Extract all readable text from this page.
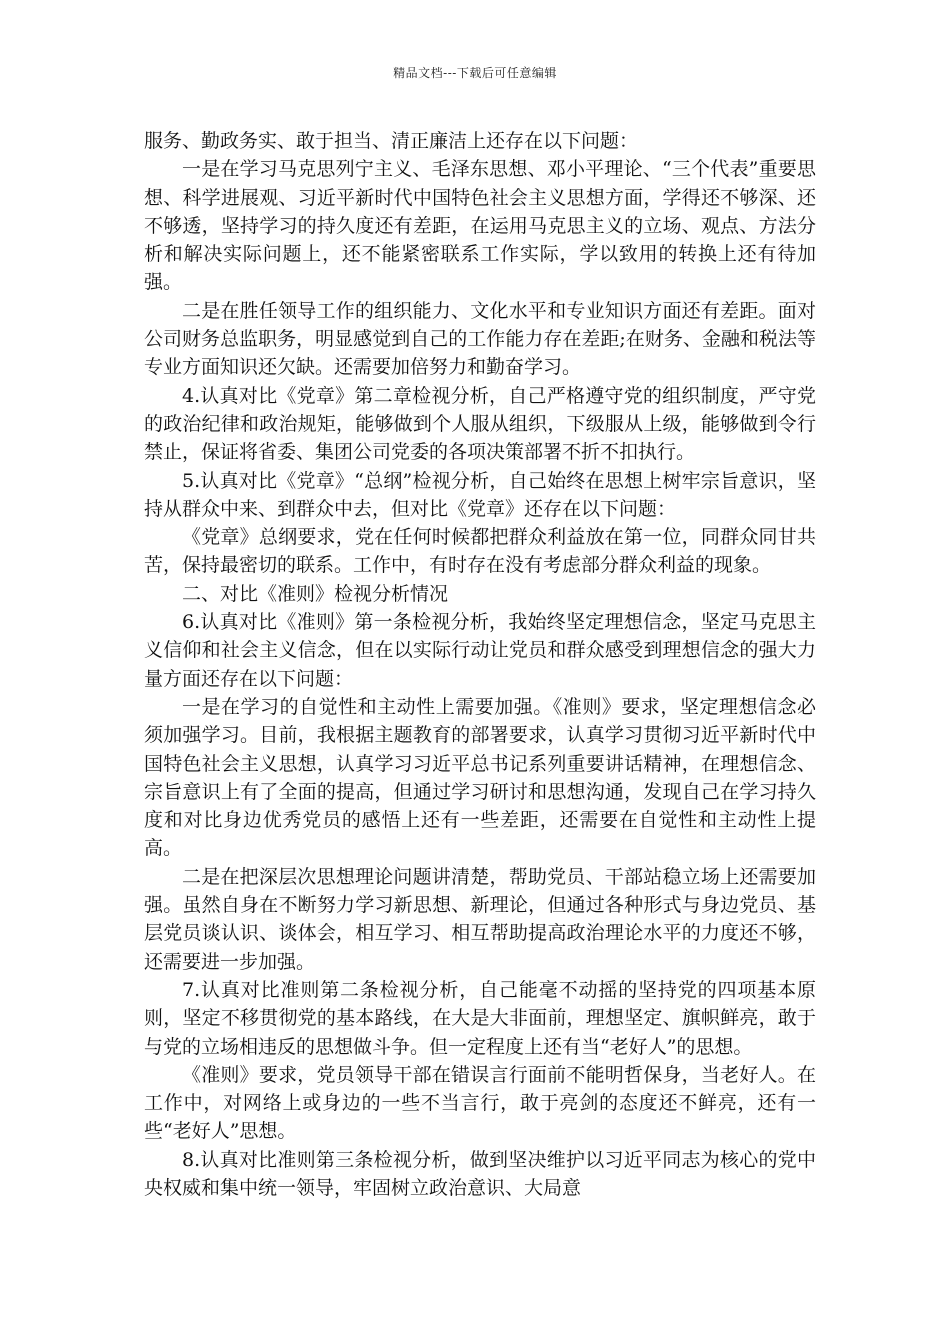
精品文档---下载后可任意编辑

服务、勤政务实、敢于担当、清正廉洁上还存在以下问题：

一是在学习马克思列宁主义、毛泽东思想、邓小平理论、“三个代表”重要思想、科学进展观、习近平新时代中国特色社会主义思想方面，学得还不够深、还不够透，坚持学习的持久度还有差距，在运用马克思主义的立场、观点、方法分析和解决实际问题上，还不能紧密联系工作实际，学以致用的转换上还有待加强。

二是在胜任领导工作的组织能力、文化水平和专业知识方面还有差距。面对公司财务总监职务，明显感觉到自己的工作能力存在差距;在财务、金融和税法等专业方面知识还欠缺。还需要加倍努力和勤奋学习。

4.认真对比《党章》第二章检视分析，自己严格遵守党的组织制度，严守党的政治纪律和政治规矩，能够做到个人服从组织，下级服从上级，能够做到令行禁止，保证将省委、集团公司党委的各项决策部署不折不扣执行。

5.认真对比《党章》“总纲”检视分析，自己始终在思想上树牢宗旨意识，坚持从群众中来、到群众中去，但对比《党章》还存在以下问题：

《党章》总纲要求，党在任何时候都把群众利益放在第一位，同群众同甘共苦，保持最密切的联系。工作中，有时存在没有考虑部分群众利益的现象。

二、对比《准则》检视分析情况

6.认真对比《准则》第一条检视分析，我始终坚定理想信念，坚定马克思主义信仰和社会主义信念，但在以实际行动让党员和群众感受到理想信念的强大力量方面还存在以下问题：

一是在学习的自觉性和主动性上需要加强。《准则》要求，坚定理想信念必须加强学习。目前，我根据主题教育的部署要求，认真学习贯彻习近平新时代中国特色社会主义思想，认真学习习近平总书记系列重要讲话精神，在理想信念、宗旨意识上有了全面的提高，但通过学习研讨和思想沟通，发现自己在学习持久度和对比身边优秀党员的感悟上还有一些差距，还需要在自觉性和主动性上提高。

二是在把深层次思想理论问题讲清楚，帮助党员、干部站稳立场上还需要加强。虽然自身在不断努力学习新思想、新理论，但通过各种形式与身边党员、基层党员谈认识、谈体会，相互学习、相互帮助提高政治理论水平的力度还不够，还需要进一步加强。

7.认真对比准则第二条检视分析，自己能毫不动摇的坚持党的四项基本原则，坚定不移贯彻党的基本路线，在大是大非面前，理想坚定、旗帜鲜亮，敢于与党的立场相违反的思想做斗争。但一定程度上还有当“老好人”的思想。

《准则》要求，党员领导干部在错误言行面前不能明哲保身，当老好人。在工作中，对网络上或身边的一些不当言行，敢于亮剑的态度还不鲜亮，还有一些“老好人”思想。

8.认真对比准则第三条检视分析，做到坚决维护以习近平同志为核心的党中央权威和集中统一领导，牢固树立政治意识、大局意
